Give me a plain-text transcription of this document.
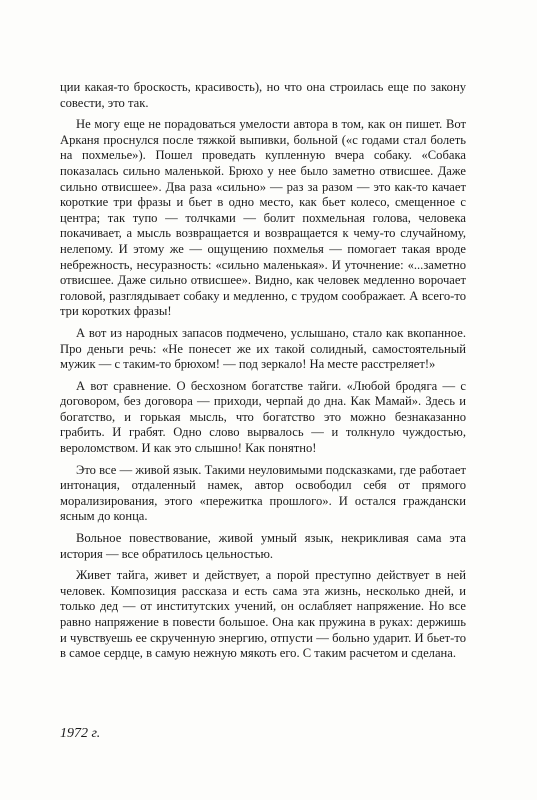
ции какая-то броскость, красивость), но что она строилась еще по закону совести, это так.

Не могу еще не порадоваться умелости автора в том, как он пишет. Вот Арканя проснулся после тяжкой выпивки, больной («с годами стал болеть на похмелье»). Пошел проведать купленную вчера собаку. «Собака показалась сильно маленькой. Брюхо у нее было заметно отвисшее. Даже сильно отвисшее». Два раза «сильно» — раз за разом — это как-то качает короткие три фразы и бьет в одно место, как бьет колесо, смещенное с центра; так тупо — толчками — болит похмельная голова, человека покачивает, а мысль возвращается и возвращается к чему-то случайному, нелепому. И этому же — ощущению похмелья — помогает такая вроде небрежность, несуразность: «сильно маленькая». И уточнение: «...заметно отвисшее. Даже сильно отвисшее». Видно, как человек медленно ворочает головой, разглядывает собаку и медленно, с трудом соображает. А всего-то три коротких фразы!

А вот из народных запасов подмечено, услышано, стало как вкопанное. Про деньги речь: «Не понесет же их такой солидный, самостоятельный мужик — с таким-то брюхом! — под зеркало! На месте расстреляет!»

А вот сравнение. О бесхозном богатстве тайги. «Любой бродяга — с договором, без договора — приходи, черпай до дна. Как Мамай». Здесь и богатство, и горькая мысль, что богатство это можно безнаказанно грабить. И грабят. Одно слово вырвалось — и толкнуло чуждостью, вероломством. И как это слышно! Как понятно!

Это все — живой язык. Такими неуловимыми подсказками, где работает интонация, отдаленный намек, автор освободил себя от прямого морализирования, этого «пережитка прошлого». И остался граждански ясным до конца.

Вольное повествование, живой умный язык, некрикливая сама эта история — все обратилось цельностью.

Живет тайга, живет и действует, а порой преступно действует в ней человек. Композиция рассказа и есть сама эта жизнь, несколько дней, и только дед — от институтских учений, он ослабляет напряжение. Но все равно напряжение в повести большое. Она как пружина в руках: держишь и чувствуешь ее скрученную энергию, отпусти — больно ударит. И бьет-то в самое сердце, в самую нежную мякоть его. С таким расчетом и сделана.

1972 г.
